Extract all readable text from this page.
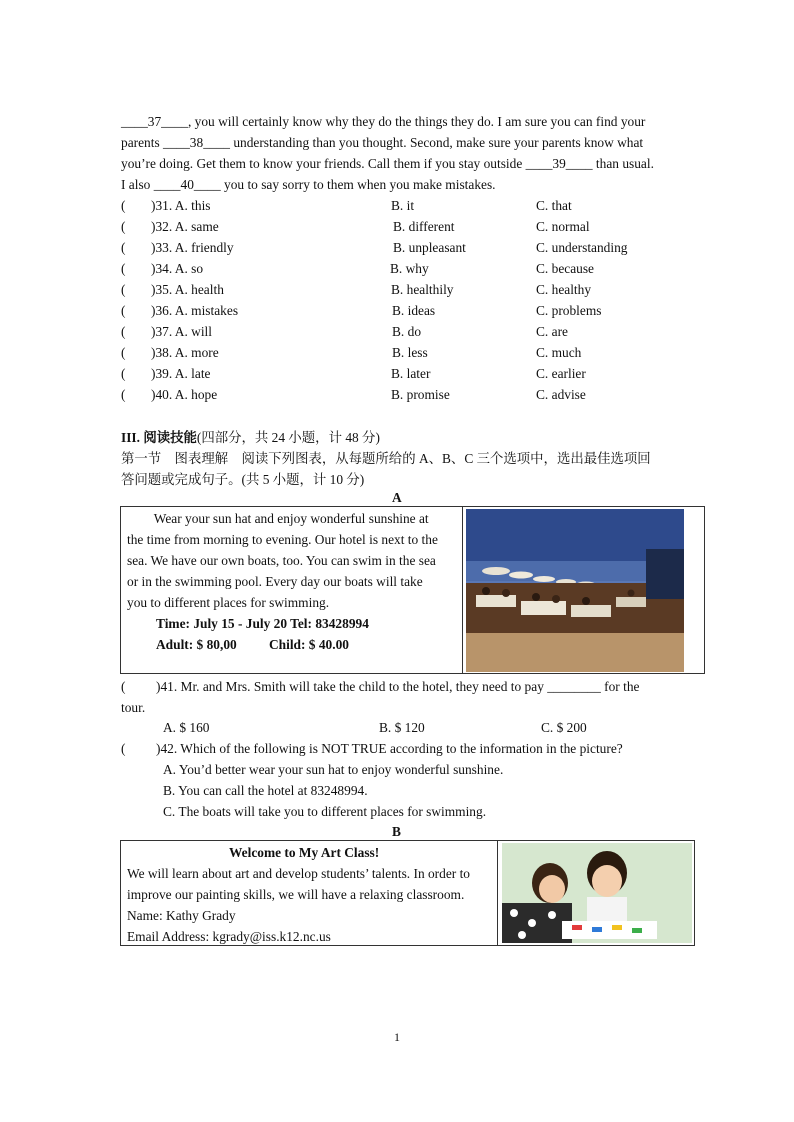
____37____, you will certainly know why they do the things they do. I am sure you can find your
parents ____38____ understanding than you thought. Second, make sure your parents know what
you’re doing. Get them to know your friends. Call them if you stay outside ____39____ than usual.
I also ____40____ you to say sorry to them when you make mistakes.
( )31. A. this	B. it	C. that
( )32. A. same	B. different	C. normal
( )33. A. friendly	B. unpleasant	C. understanding
( )34. A. so	B. why	C. because
( )35. A. health	B. healthily	C. healthy
( )36. A. mistakes	B. ideas	C. problems
( )37. A. will	B. do	C. are
( )38. A. more	B. less	C. much
( )39. A. late	B. later	C. earlier
( )40. A. hope	B. promise	C. advise
III. 阅读技能(四部分，共 24 小题，计 48 分)
第一节　图表理解　阅读下列图表，从每题所给的 A、B、C 三个选项中，选出最佳选项回
答问题或完成句子。(共 5 小题，计 10 分)
A
　　Wear your sun hat and enjoy wonderful sunshine at
the time from morning to evening. Our hotel is next to the
sea. We have our own boats, too. You can swim in the sea
or in the swimming pool. Every day our boats will take
you to different places for swimming.
Time: July 15 - July 20 Tel: 83428994
Adult: $ 80,00 Child: $ 40.00
( )41. Mr. and Mrs. Smith will take the child to the hotel, they need to pay ________ for the
tour.
A. $ 160	B. $ 120	C. $ 200
( )42. Which of the following is NOT TRUE according to the information in the picture?
A. You’d better wear your sun hat to enjoy wonderful sunshine.
B. You can call the hotel at 83248994.
C. The boats will take you to different places for swimming.
B
Welcome to My Art Class!
We will learn about art and develop students’ talents. In order to
improve our painting skills, we will have a relaxing classroom.
Name: Kathy Grady
Email Address: kgrady@iss.k12.nc.us
1
